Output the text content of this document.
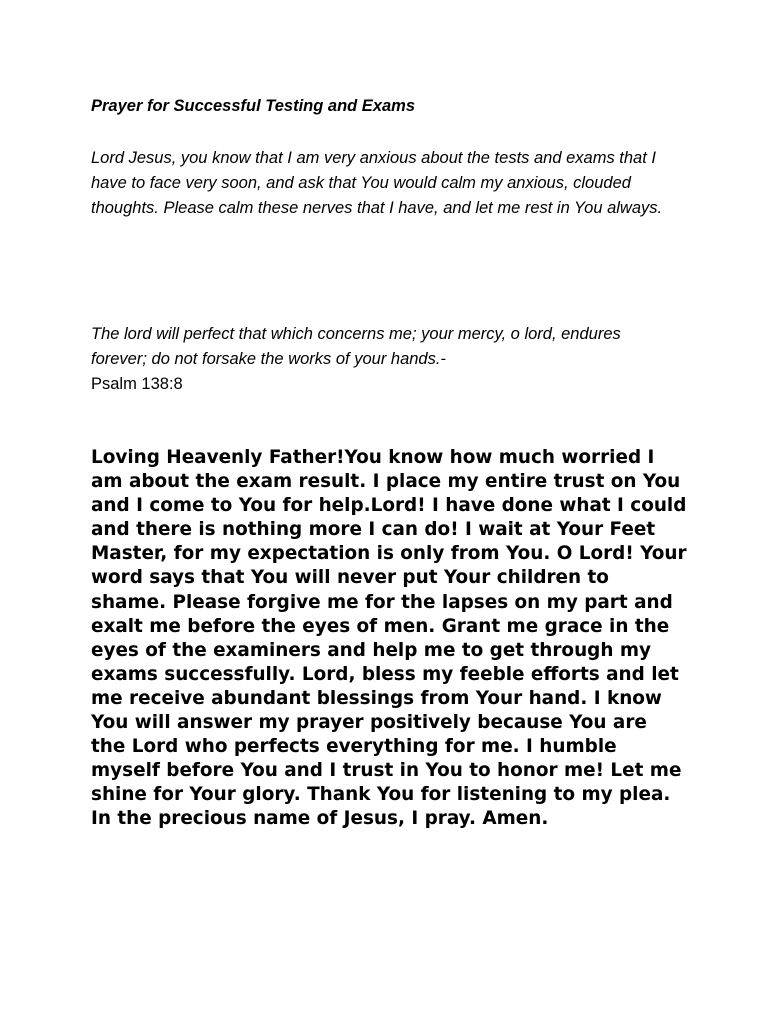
Prayer for Successful Testing and Exams

Lord Jesus, you know that I am very anxious about the tests and exams that I have to face very soon, and ask that You would calm my anxious, clouded thoughts. Please calm these nerves that I have, and let me rest in You always.

The lord will perfect that which concerns me; your mercy, o lord, endures forever; do not forsake the works of your hands.-

Psalm 138:8

Loving Heavenly Father!You know how much worried I am about the exam result. I place my entire trust on You and I come to You for help.Lord! I have done what I could and there is nothing more I can do! I wait at Your Feet Master, for my expectation is only from You. O Lord! Your word says that You will never put Your children to shame. Please forgive me for the lapses on my part and exalt me before the eyes of men. Grant me grace in the eyes of the examiners and help me to get through my exams successfully. Lord, bless my feeble efforts and let me receive abundant blessings from Your hand. I know You will answer my prayer positively because You are the Lord who perfects everything for me. I humble myself before You and I trust in You to honor me! Let me shine for Your glory. Thank You for listening to my plea. In the precious name of Jesus, I pray. Amen.
